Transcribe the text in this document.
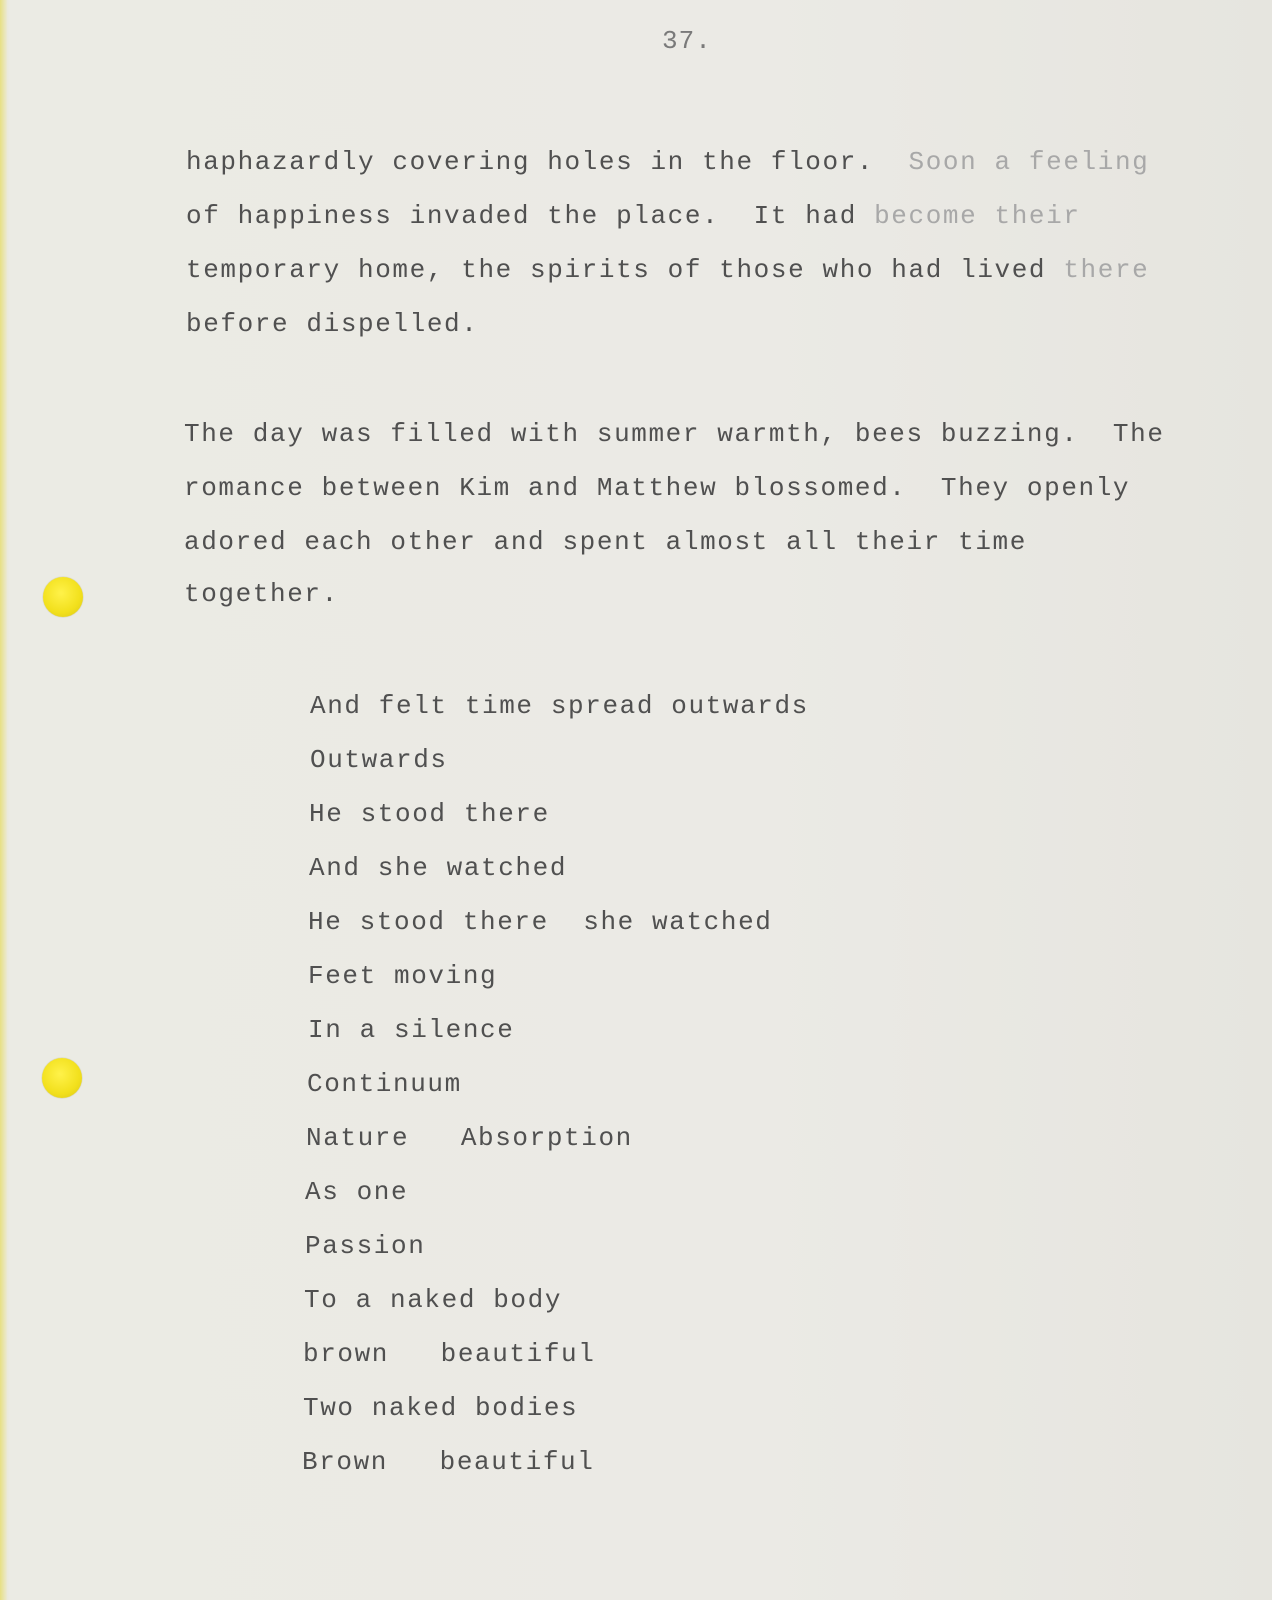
37.
haphazardly covering holes in the floor.  Soon a feeling
of happiness invaded the place.  It had become their
temporary home, the spirits of those who had lived there
before dispelled.
The day was filled with summer warmth, bees buzzing.  The
romance between Kim and Matthew blossomed.  They openly
adored each other and spent almost all their time
together.
And felt time spread outwards
Outwards
He stood there
And she watched
He stood there  she watched
Feet moving
In a silence
Continuum
Nature   Absorption
As one
Passion
To a naked body
brown   beautiful
Two naked bodies
Brown   beautiful
